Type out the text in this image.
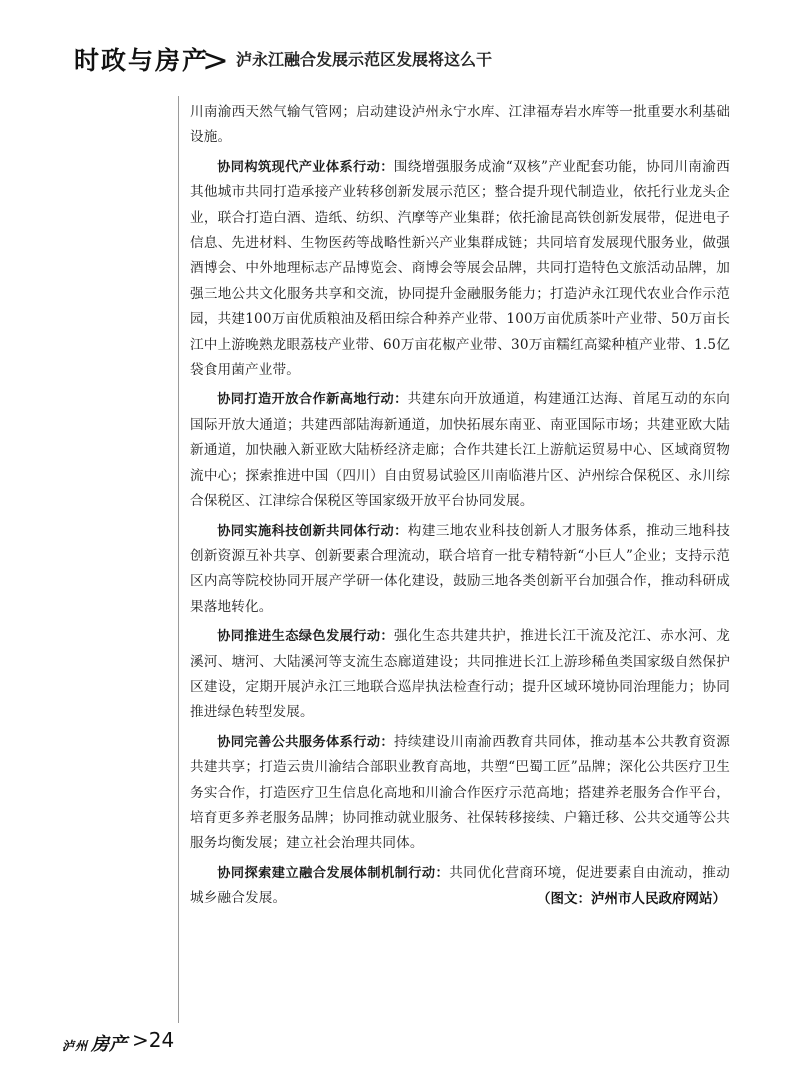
时政与房产
> 泸永江融合发展示范区发展将这么干

川南渝西天然气输气管网；启动建设泸州永宁水库、江津福寿岩水库等一批重要水利基础设施。

协同构筑现代产业体系行动：围绕增强服务成渝“双核”产业配套功能，协同川南渝西其他城市共同打造承接产业转移创新发展示范区；整合提升现代制造业，依托行业龙头企业，联合打造白酒、造纸、纺织、汽摩等产业集群；依托渝昆高铁创新发展带，促进电子信息、先进材料、生物医药等战略性新兴产业集群成链；共同培育发展现代服务业，做强酒博会、中外地理标志产品博览会、商博会等展会品牌，共同打造特色文旅活动品牌，加强三地公共文化服务共享和交流，协同提升金融服务能力；打造泸永江现代农业合作示范园，共建100万亩优质粮油及稻田综合种养产业带、100万亩优质茶叶产业带、50万亩长江中上游晚熟龙眼荔枝产业带、60万亩花椒产业带、30万亩糯红高粱种植产业带、1.5亿袋食用菌产业带。

协同打造开放合作新高地行动：共建东向开放通道，构建通江达海、首尾互动的东向国际开放大通道；共建西部陆海新通道，加快拓展东南亚、南亚国际市场；共建亚欧大陆新通道，加快融入新亚欧大陆桥经济走廊；合作共建长江上游航运贸易中心、区域商贸物流中心；探索推进中国（四川）自由贸易试验区川南临港片区、泸州综合保税区、永川综合保税区、江津综合保税区等国家级开放平台协同发展。

协同实施科技创新共同体行动：构建三地农业科技创新人才服务体系，推动三地科技创新资源互补共享、创新要素合理流动，联合培育一批专精特新“小巨人”企业；支持示范区内高等院校协同开展产学研一体化建设，鼓励三地各类创新平台加强合作，推动科研成果落地转化。

协同推进生态绿色发展行动：强化生态共建共护，推进长江干流及沱江、赤水河、龙溪河、塘河、大陆溪河等支流生态廊道建设；共同推进长江上游珍稀鱼类国家级自然保护区建设，定期开展泸永江三地联合巡岸执法检查行动；提升区域环境协同治理能力；协同推进绿色转型发展。

协同完善公共服务体系行动：持续建设川南渝西教育共同体，推动基本公共教育资源共建共享；打造云贵川渝结合部职业教育高地，共塑“巴蜀工匠”品牌；深化公共医疗卫生务实合作，打造医疗卫生信息化高地和川渝合作医疗示范高地；搭建养老服务合作平台，培育更多养老服务品牌；协同推动就业服务、社保转移接续、户籍迁移、公共交通等公共服务均衡发展；建立社会治理共同体。

协同探索建立融合发展体制机制行动：共同优化营商环境，促进要素自由流动，推动城乡融合发展。	（图文：泸州市人民政府网站）
泸州 房产 >24
